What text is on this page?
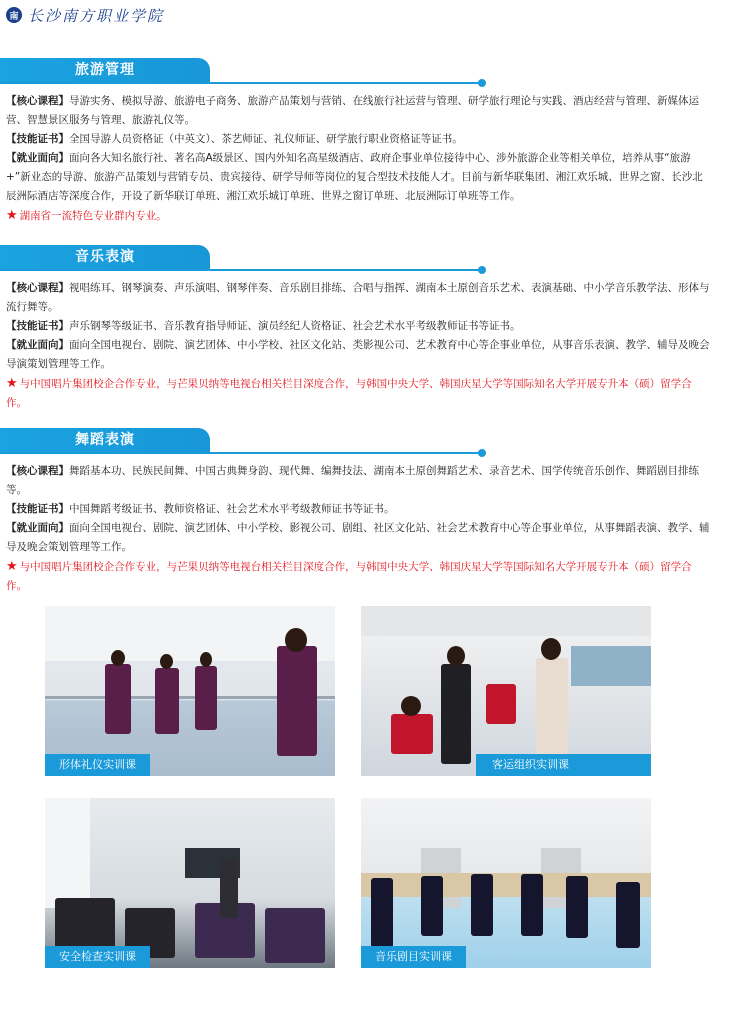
南 长沙南方职业学院
旅游管理

【核心课程】导游实务、模拟导游、旅游电子商务、旅游产品策划与营销、在线旅行社运营与管理、研学旅行理论与实践、酒店经营与管理、新媒体运营、智慧景区服务与管理、旅游礼仪等。

【技能证书】全国导游人员资格证（中英文）、茶艺师证、礼仪师证、研学旅行职业资格证等证书。

【就业面向】面向各大知名旅行社、著名高A级景区、国内外知名高星级酒店、政府企事业单位接待中心、涉外旅游企业等相关单位，培养从事“旅游+”新业态的导游、旅游产品策划与营销专员、贵宾接待、研学导师等岗位的复合型技术技能人才。目前与新华联集团、湘江欢乐城、世界之窗、长沙北辰洲际酒店等深度合作，开设了新华联订单班、湘江欢乐城订单班、世界之窗订单班、北辰洲际订单班等工作。

★ 湖南省一流特色专业群内专业。

音乐表演

【核心课程】视唱练耳、钢琴演奏、声乐演唱、钢琴伴奏、音乐剧目排练、合唱与指挥、湖南本土原创音乐艺术、表演基础、中小学音乐教学法、形体与流行舞等。

【技能证书】声乐钢琴等级证书、音乐教育指导师证、演员经纪人资格证、社会艺术水平考级教师证书等证书。

【就业面向】面向全国电视台、剧院、演艺团体、中小学校、社区文化站、类影视公司、艺术教育中心等企事业单位，从事音乐表演、教学、辅导及晚会导演策划管理等工作。

★ 与中国唱片集团校企合作专业，与芒果贝纳等电视台相关栏目深度合作，与韩国中央大学、韩国庆星大学等国际知名大学开展专升本（硕）留学合作。

舞蹈表演

【核心课程】舞蹈基本功、民族民间舞、中国古典舞身韵、现代舞、编舞技法、湖南本土原创舞蹈艺术、录音艺术、国学传统音乐创作、舞蹈剧目排练等。

【技能证书】中国舞蹈考级证书、教师资格证、社会艺术水平考级教师证书等证书。

【就业面向】面向全国电视台、剧院、演艺团体、中小学校、影视公司、剧组、社区文化站、社会艺术教育中心等企事业单位，从事舞蹈表演、教学、辅导及晚会策划管理等工作。

★ 与中国唱片集团校企合作专业，与芒果贝纳等电视台相关栏目深度合作，与韩国中央大学、韩国庆星大学等国际知名大学开展专升本（硕）留学合作。

形体礼仪实训课	客运组织实训课
安全检查实训课	音乐剧目实训课
